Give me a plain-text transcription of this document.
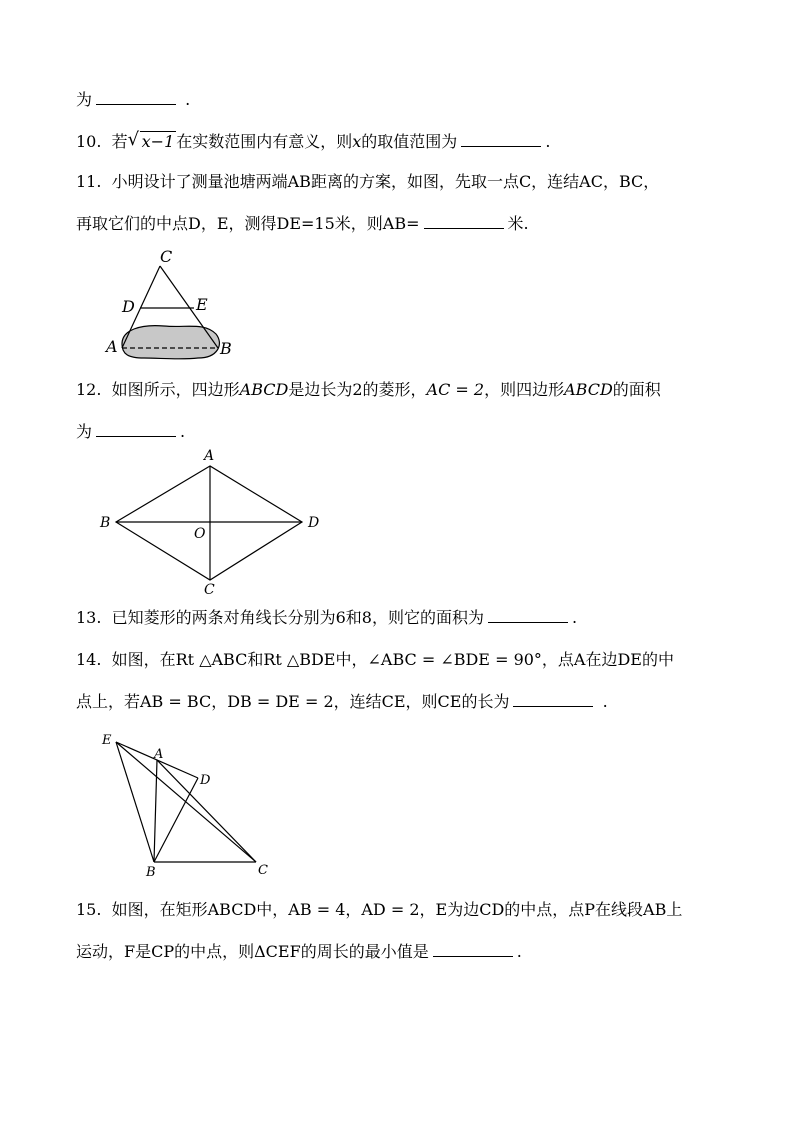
为	.
10. 若 √ x−1 在实数范围内有意义，则x的取值范围为	.
11. 小明设计了测量池塘两端AB距离的方案，如图，先取一点C，连结AC，BC，
再取它们的中点D，E，测得DE=15米，则AB=	米.
C
D	E
A	B
12. 如图所示，四边形ABCD是边长为2的菱形，AC = 2，则四边形ABCD的面积
为	.
A
B	D
O
C
13. 已知菱形的两条对角线长分别为6和8，则它的面积为	.
14. 如图，在Rt △ABC和Rt △BDE中，∠ABC = ∠BDE = 90°，点A在边DE的中
点上，若AB = BC，DB = DE = 2，连结CE，则CE的长为	.
E
A
D
B	C
15. 如图，在矩形ABCD中，AB = 4，AD = 2，E为边CD的中点，点P在线段AB上
运动，F是CP的中点，则ΔCEF的周长的最小值是	.
